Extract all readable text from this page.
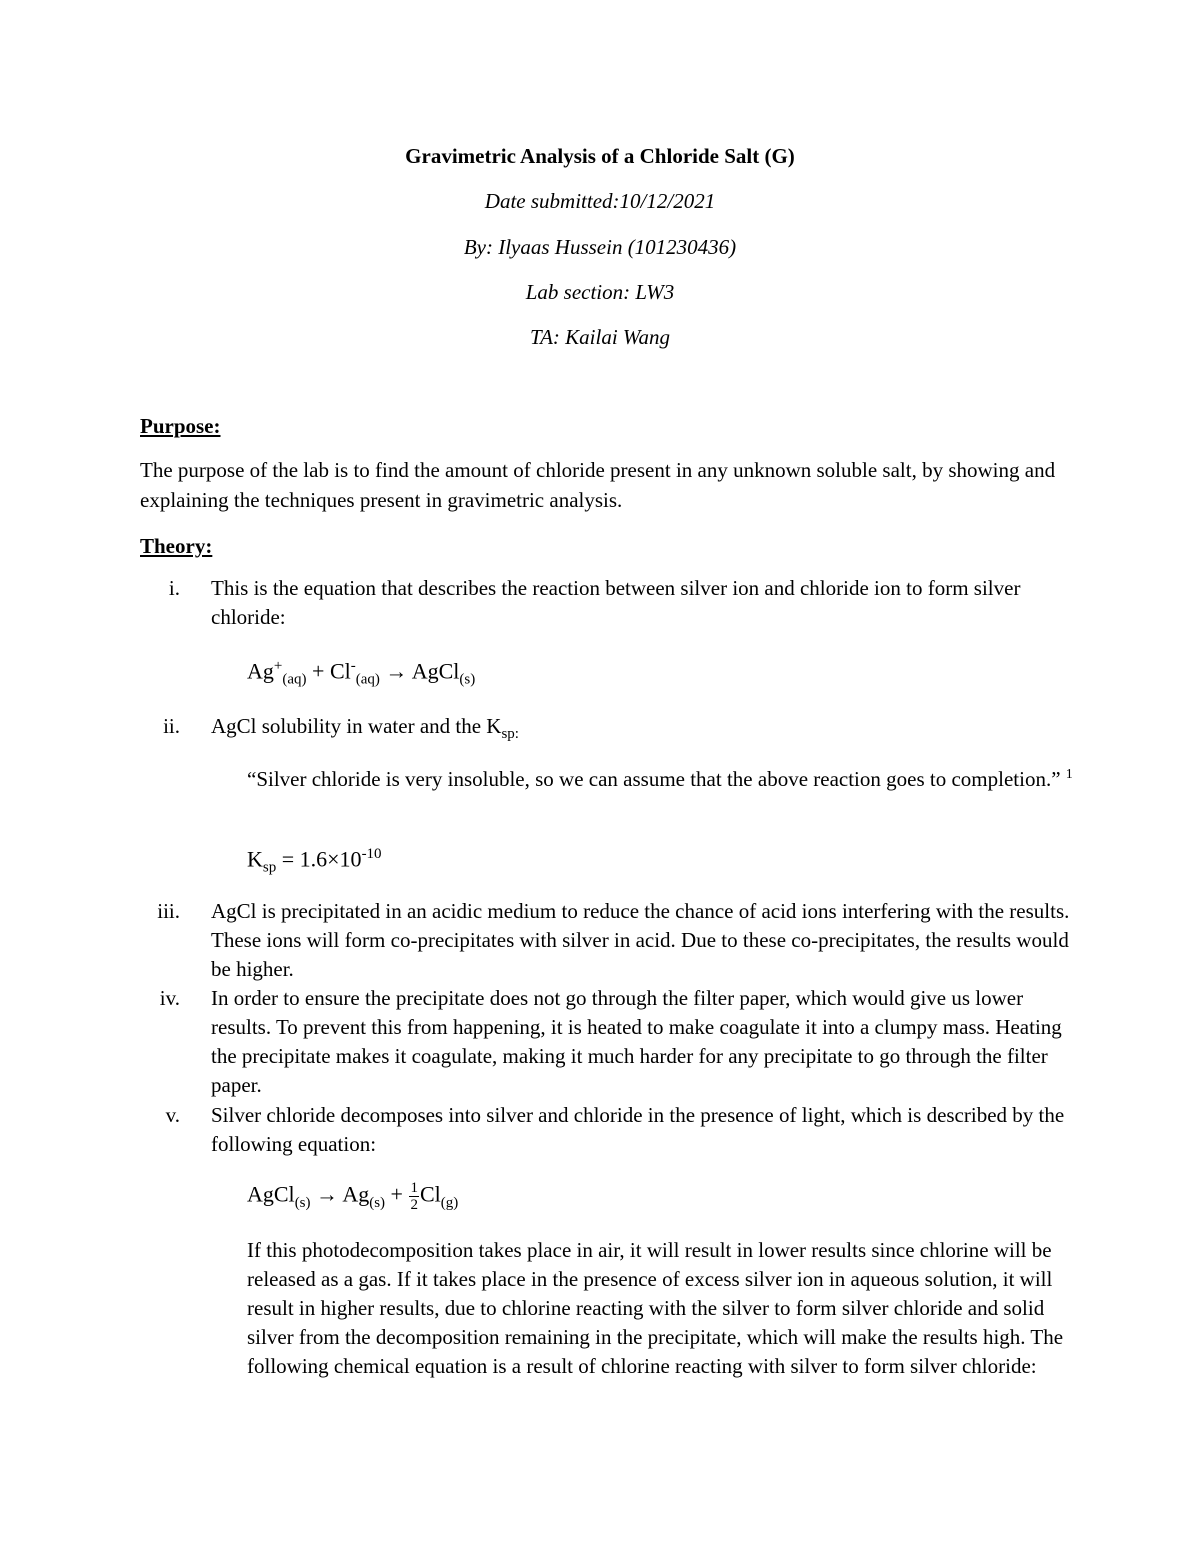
Gravimetric Analysis of a Chloride Salt (G)
Date submitted:10/12/2021
By: Ilyaas Hussein (101230436)
Lab section: LW3
TA: Kailai Wang
Purpose:
The purpose of the lab is to find the amount of chloride present in any unknown soluble salt, by showing and explaining the techniques present in gravimetric analysis.
Theory:
i. This is the equation that describes the reaction between silver ion and chloride ion to form silver chloride:
$Ag^+_{(aq)} + Cl^-_{(aq)}$ → AgCl$_{(s)}$
ii. AgCl solubility in water and the $K_{sp:}$
“Silver chloride is very insoluble, so we can assume that the above reaction goes to completion.” $^1$
$K_{sp} = 1.6\times 10^{-10}$
iii. AgCl is precipitated in an acidic medium to reduce the chance of acid ions interfering with the results. These ions will form co-precipitates with silver in acid. Due to these co-precipitates, the results would be higher.
iv. In order to ensure the precipitate does not go through the filter paper, which would give us lower results. To prevent this from happening, it is heated to make coagulate it into a clumpy mass. Heating the precipitate makes it coagulate, making it much harder for any precipitate to go through the filter paper.
v. Silver chloride decomposes into silver and chloride in the presence of light, which is described by the following equation:
AgCl$_{(s)}$ → $Ag_{(s)} + \frac{1}{2} Cl_{(g)}$
If this photodecomposition takes place in air, it will result in lower results since chlorine will be released as a gas. If it takes place in the presence of excess silver ion in aqueous solution, it will result in higher results, due to chlorine reacting with the silver to form silver chloride and solid silver from the decomposition remaining in the precipitate, which will make the results high. The following chemical equation is a result of chlorine reacting with silver to form silver chloride:
